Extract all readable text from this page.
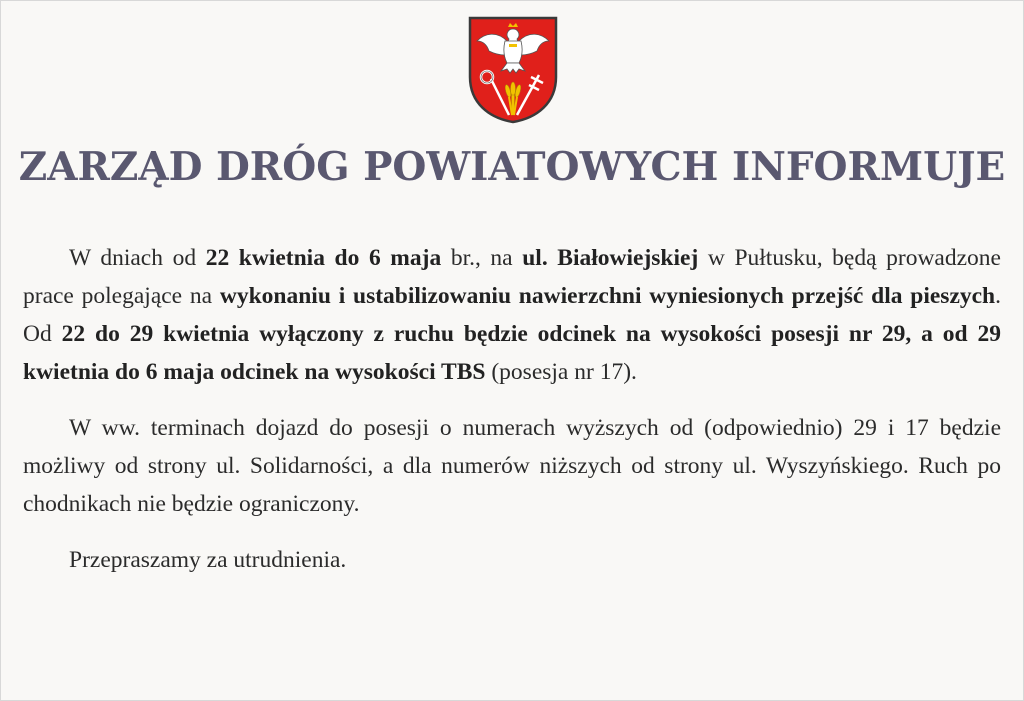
ZARZĄD DRÓG POWIATOWYCH INFORMUJE

W dniach od 22 kwietnia do 6 maja br., na ul. Białowiejskiej w Pułtusku, będą prowadzone prace polegające na wykonaniu i ustabilizowaniu nawierzchni wyniesionych przejść dla pieszych. Od 22 do 29 kwietnia wyłączony z ruchu będzie odcinek na wysokości posesji nr 29, a od 29 kwietnia do 6 maja odcinek na wysokości TBS (posesja nr 17).

W ww. terminach dojazd do posesji o numerach wyższych od (odpowiednio) 29 i 17 będzie możliwy od strony ul. Solidarności, a dla numerów niższych od strony ul. Wyszyńskiego. Ruch po chodnikach nie będzie ograniczony.

Przepraszamy za utrudnienia.
